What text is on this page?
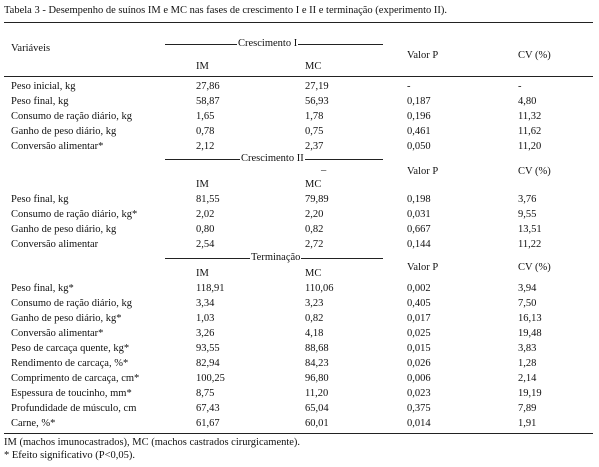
Tabela 3 - Desempenho de suínos IM e MC nas fases de crescimento I e II e terminação (experimento II).
Variáveis
Valor P	CV (%)
Crescimento I
IM	MC
Peso inicial, kg	27,86	27,19	-	-
Peso final, kg	58,87	56,93	0,187	4,80
Consumo de ração diário, kg	1,65	1,78	0,196	11,32
Ganho de peso diário, kg	0,78	0,75	0,461	11,62
Conversão alimentar*	2,12	2,37	0,050	11,20
Crescimento II
–	Valor P	CV (%)
IM	MC
Peso final, kg	81,55	79,89	0,198	3,76
Consumo de ração diário, kg*	2,02	2,20	0,031	9,55
Ganho de peso diário, kg	0,80	0,82	0,667	13,51
Conversão alimentar	2,54	2,72	0,144	11,22
Terminação
Valor P	CV (%)
IM	MC
Peso final, kg*	118,91	110,06	0,002	3,94
Consumo de ração diário, kg	3,34	3,23	0,405	7,50
Ganho de peso diário, kg*	1,03	0,82	0,017	16,13
Conversão alimentar*	3,26	4,18	0,025	19,48
Peso de carcaça quente, kg*	93,55	88,68	0,015	3,83
Rendimento de carcaça, %*	82,94	84,23	0,026	1,28
Comprimento de carcaça, cm*	100,25	96,80	0,006	2,14
Espessura de toucinho, mm*	8,75	11,20	0,023	19,19
Profundidade de músculo, cm	67,43	65,04	0,375	7,89
Carne, %*	61,67	60,01	0,014	1,91
IM (machos imunocastrados), MC (machos castrados cirurgicamente).
* Efeito significativo (P<0,05).
